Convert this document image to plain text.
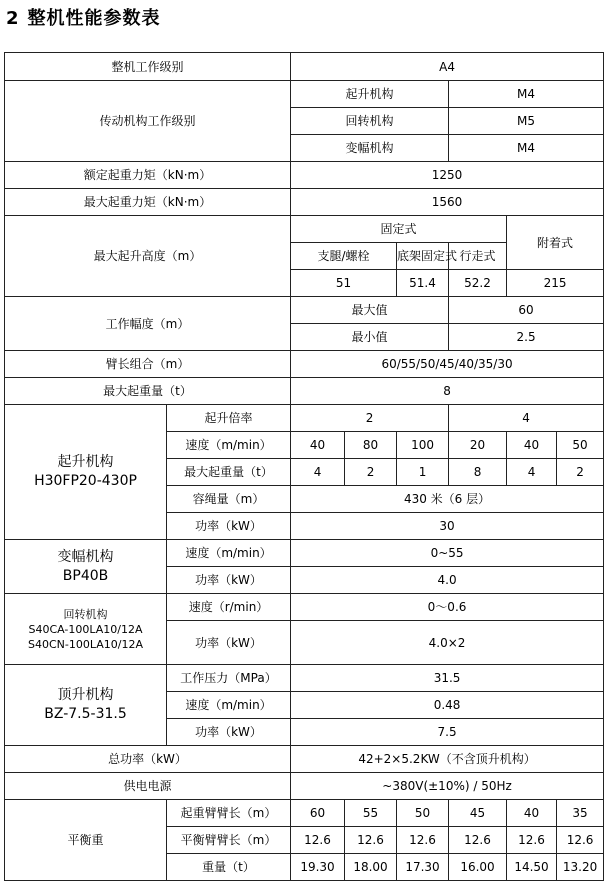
2 整机性能参数表
整机工作级别		A4					
传动机构工作级别		起升机构			M4		
		回转机构			M5		
		变幅机构			M4		
额定起重力矩（kN·m）		1250					
最大起重力矩（kN·m）		1560					
最大起升高度（m）		固定式				附着式	
		支腿/螺栓		底架固定式	行走式		
		51		51.4	52.2	215	
工作幅度（m）		最大值			60		
		最小值			2.5		
臂长组合（m）		60/55/50/45/40/35/30					
最大起重量（t）		8					

起升机构
H30FP20-430P	起升倍率	2			4		
	速度（m/min）	40	80	100	20	40	50
	最大起重量（t）	4	2	1	8	4	2
	容绳量（m）	430 米（6 层）					
	功率（kW）	30					

变幅机构
BP40B	速度（m/min）	0~55					
	功率（kW）	4.0					

回转机构
S40CA-100LA10/12A
S40CN-100LA10/12A	速度（r/min）	0～0.6					
	功率（kW）	4.0×2					

顶升机构
BZ-7.5-31.5	工作压力（MPa）	31.5					
	速度（m/min）	0.48					
	功率（kW）	7.5					
总功率（kW）		42+2×5.2KW（不含顶升机构）					
供电电源		~380V(±10%) / 50Hz					
平衡重	起重臂臂长（m）	60	55	50	45	40	35
	平衡臂臂长（m）	12.6	12.6	12.6	12.6	12.6	12.6
	重量（t）	19.30	18.00	17.30	16.00	14.50	13.20
